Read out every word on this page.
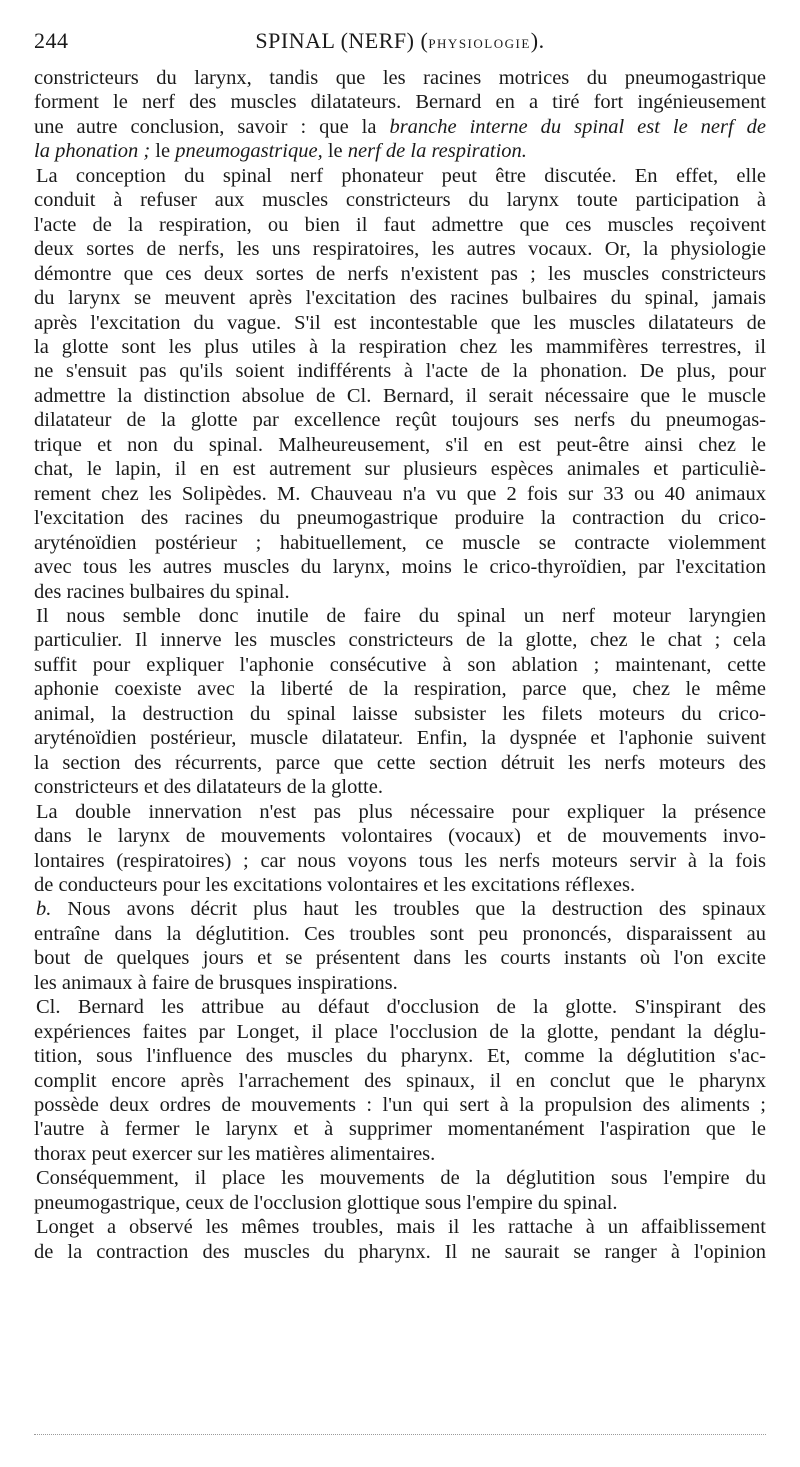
244	SPINAL (NERF) (PHYSIOLOGIE).
constricteurs du larynx, tandis que les racines motrices du pneumogastrique
forment le nerf des muscles dilatateurs. Bernard en a tiré fort ingénieusement
une autre conclusion, savoir : que la branche interne du spinal est le nerf de
la phonation ; le pneumogastrique, le nerf de la respiration.
La conception du spinal nerf phonateur peut être discutée. En effet, elle
conduit à refuser aux muscles constricteurs du larynx toute participation à
l'acte de la respiration, ou bien il faut admettre que ces muscles reçoivent
deux sortes de nerfs, les uns respiratoires, les autres vocaux. Or, la physiologie
démontre que ces deux sortes de nerfs n'existent pas ; les muscles constricteurs
du larynx se meuvent après l'excitation des racines bulbaires du spinal, jamais
après l'excitation du vague. S'il est incontestable que les muscles dilatateurs de
la glotte sont les plus utiles à la respiration chez les mammifères terrestres, il
ne s'ensuit pas qu'ils soient indifférents à l'acte de la phonation. De plus, pour
admettre la distinction absolue de Cl. Bernard, il serait nécessaire que le muscle
dilatateur de la glotte par excellence reçût toujours ses nerfs du pneumogas-
trique et non du spinal. Malheureusement, s'il en est peut-être ainsi chez le
chat, le lapin, il en est autrement sur plusieurs espèces animales et particuliè-
rement chez les Solipèdes. M. Chauveau n'a vu que 2 fois sur 33 ou 40 animaux
l'excitation des racines du pneumogastrique produire la contraction du crico-
aryténoïdien postérieur ; habituellement, ce muscle se contracte violemment
avec tous les autres muscles du larynx, moins le crico-thyroïdien, par l'excitation
des racines bulbaires du spinal.
Il nous semble donc inutile de faire du spinal un nerf moteur laryngien
particulier. Il innerve les muscles constricteurs de la glotte, chez le chat ; cela
suffit pour expliquer l'aphonie consécutive à son ablation ; maintenant, cette
aphonie coexiste avec la liberté de la respiration, parce que, chez le même
animal, la destruction du spinal laisse subsister les filets moteurs du crico-
aryténoïdien postérieur, muscle dilatateur. Enfin, la dyspnée et l'aphonie suivent
la section des récurrents, parce que cette section détruit les nerfs moteurs des
constricteurs et des dilatateurs de la glotte.
La double innervation n'est pas plus nécessaire pour expliquer la présence
dans le larynx de mouvements volontaires (vocaux) et de mouvements invo-
lontaires (respiratoires) ; car nous voyons tous les nerfs moteurs servir à la fois
de conducteurs pour les excitations volontaires et les excitations réflexes.
b. Nous avons décrit plus haut les troubles que la destruction des spinaux
entraîne dans la déglutition. Ces troubles sont peu prononcés, disparaissent au
bout de quelques jours et se présentent dans les courts instants où l'on excite
les animaux à faire de brusques inspirations.
Cl. Bernard les attribue au défaut d'occlusion de la glotte. S'inspirant des
expériences faites par Longet, il place l'occlusion de la glotte, pendant la déglu-
tition, sous l'influence des muscles du pharynx. Et, comme la déglutition s'ac-
complit encore après l'arrachement des spinaux, il en conclut que le pharynx
possède deux ordres de mouvements : l'un qui sert à la propulsion des aliments ;
l'autre à fermer le larynx et à supprimer momentanément l'aspiration que le
thorax peut exercer sur les matières alimentaires.
Conséquemment, il place les mouvements de la déglutition sous l'empire du
pneumogastrique, ceux de l'occlusion glottique sous l'empire du spinal.
Longet a observé les mêmes troubles, mais il les rattache à un affaiblissement
de la contraction des muscles du pharynx. Il ne saurait se ranger à l'opinion
